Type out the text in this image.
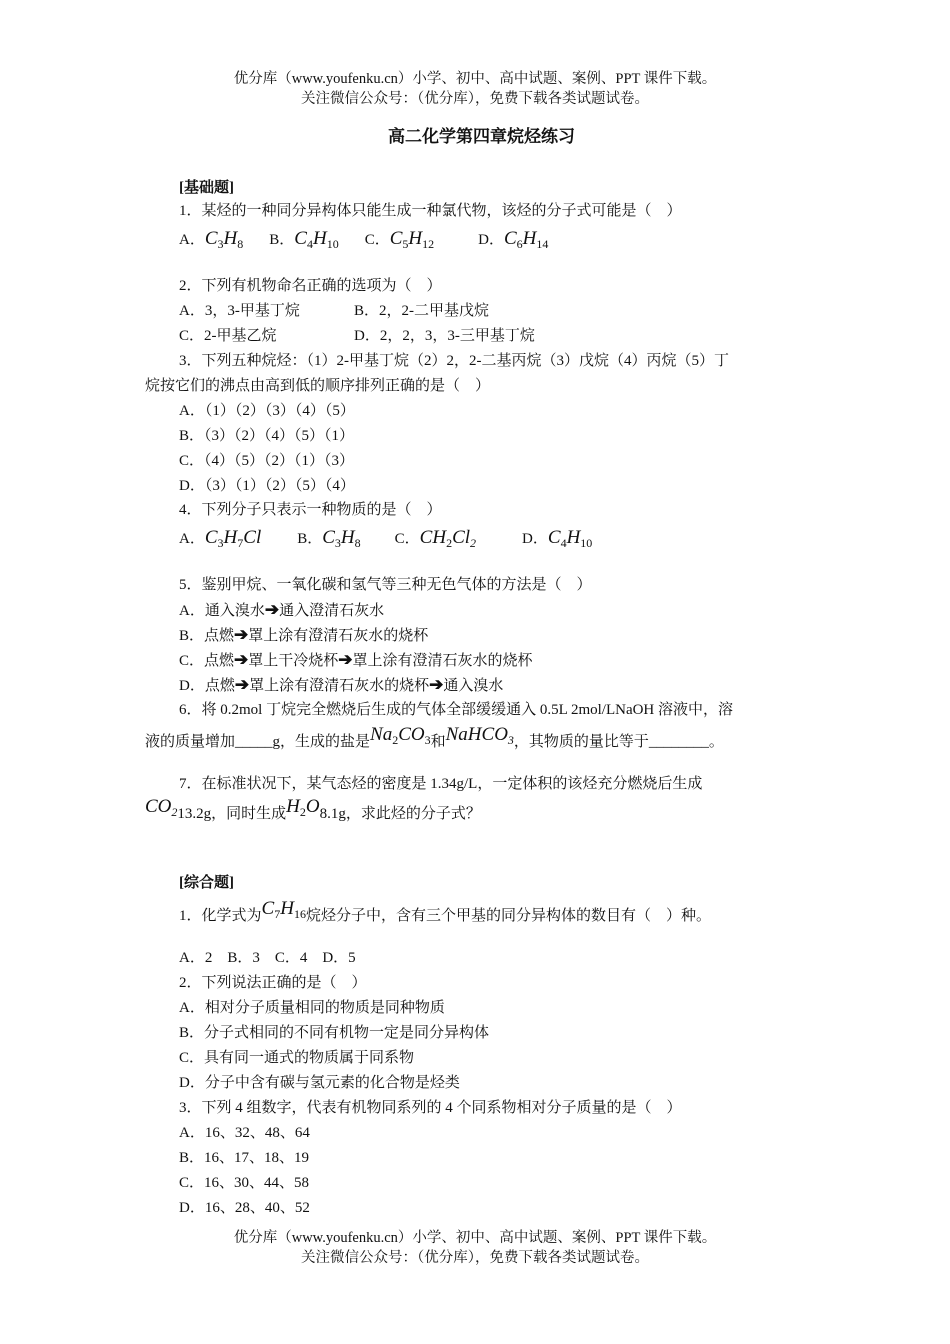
优分库（www.youfenku.cn）小学、初中、高中试题、案例、PPT 课件下载。
关注微信公众号：（优分库），免费下载各类试题试卷。
高二化学第四章烷烃练习
[基础题]
1．某烃的一种同分异构体只能生成一种氯代物，该烃的分子式可能是（　）
A．$C_3H_8$ B．$C_4H_{10}$ C．$C_5H_{12}$	D．$C_6H_{14}$
2．下列有机物命名正确的选项为（　）
A．3，3-甲基丁烷	B．2，2-二甲基戊烷
C．2-甲基乙烷	D．2，2，3，3-三甲基丁烷
3．下列五种烷烃：（1）2-甲基丁烷（2）2，2-二基丙烷（3）戊烷（4）丙烷（5）丁
烷按它们的沸点由高到低的顺序排列正确的是（　）
A．（1）（2）（3）（4）（5）
B．（3）（2）（4）（5）（1）
C．（4）（5）（2）（1）（3）
D．（3）（1）（2）（5）（4）
4．下列分子只表示一种物质的是（　）
A．$C_3H_7Cl$ B．$C_3H_8$ C．$CH_2Cl_2$	D．$C_4H_{10}$
5．鉴别甲烷、一氧化碳和氢气等三种无色气体的方法是（　）
A．通入溴水➔通入澄清石灰水
B．点燃➔罩上涂有澄清石灰水的烧杯
C．点燃➔罩上干冷烧杯➔罩上涂有澄清石灰水的烧杯
D．点燃➔罩上涂有澄清石灰水的烧杯➔通入溴水
6．将 0.2mol 丁烷完全燃烧后生成的气体全部缓缓通入 0.5L 2mol/LNaOH 溶液中，溶
液的质量增加_____g，生成的盐是$Na_2CO_3$和NaHCO$_3$，其物质的量比等于________。
7．在标准状况下，某气态烃的密度是 1.34g/L，一定体积的该烃充分燃烧后生成
$CO_213.2g$，同时生成$H_2O8.1g$，求此烃的分子式？
[综合题]
1．化学式为$C_7H_{16}$烷烃分子中，含有三个甲基的同分异构体的数目有（　）种。
A．2　B．3　C．4　D．5
2．下列说法正确的是（　）
A．相对分子质量相同的物质是同种物质
B．分子式相同的不同有机物一定是同分异构体
C．具有同一通式的物质属于同系物
D．分子中含有碳与氢元素的化合物是烃类
3．下列 4 组数字，代表有机物同系列的 4 个同系物相对分子质量的是（　）
A．16、32、48、64
B．16、17、18、19
C．16、30、44、58
D．16、28、40、52
优分库（www.youfenku.cn）小学、初中、高中试题、案例、PPT 课件下载。
关注微信公众号：（优分库），免费下载各类试题试卷。
